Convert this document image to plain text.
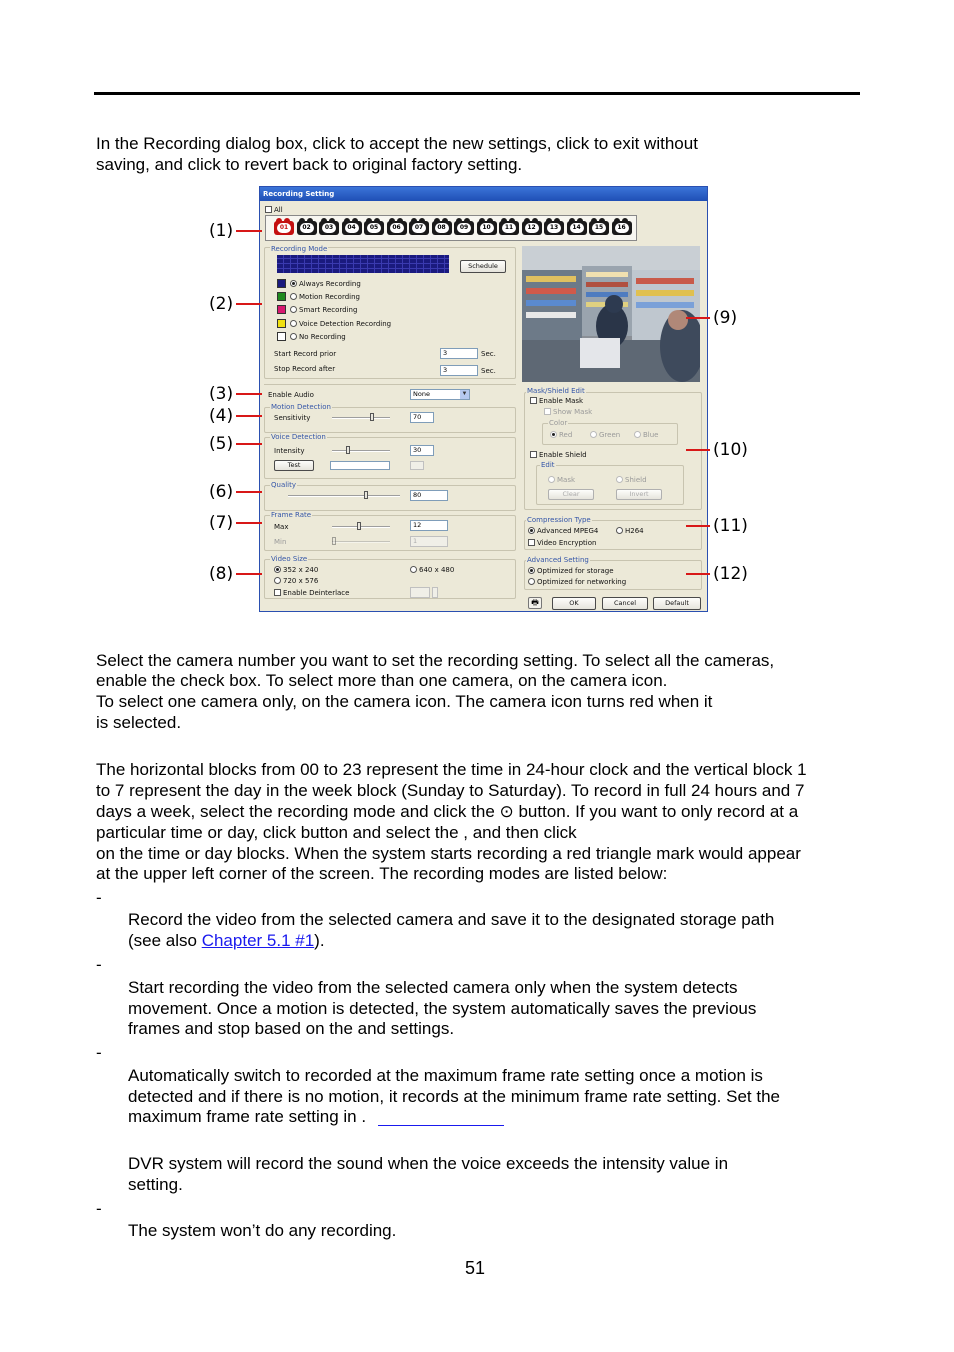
In the Recording dialog box, click to accept the new settings, click to exit without
saving, and click to revert back to original factory setting.
Recording Setting
All
01	02	03	04	05	06	07	08	09	10	11	12	13	14	15	16
Recording Mode
Schedule
Always Recording
Motion Recording
Smart Recording
Voice Detection Recording
No Recording
Start Record prior	3	Sec.
Stop Record after	3	Sec.
Enable Audio	None	▼
Motion Detection
Sensitivity	70
Voice Detection
Intensity	30
Test
Quality
80
Frame Rate
Max	12
Min	1
Video Size
352 x 240
720 x 576
640 x 480
Enable Deinterlace
Mask/Shield Edit
Enable Mask
Show Mask
Color
Red	Green	Blue
Enable Shield
Edit
Mask	Shield
Clear	Invert
Compression Type
Advanced MPEG4	H264
Video Encryption
Advanced Setting
Optimized for storage
Optimized for networking
🖶	OK	Cancel	Default
(1)
(2)
(3)
(4)
(5)
(6)
(7)
(8)
(9)
(10)
(11)
(12)
Select the camera number you want to set the recording setting. To select all the cameras,
enable the check box. To select more than one camera, on the camera icon.
To select one camera only, on the camera icon. The camera icon turns red when it
is selected.
The horizontal blocks from 00 to 23 represent the time in 24-hour clock and the vertical block 1
to 7 represent the day in the week block (Sunday to Saturday). To record in full 24 hours and 7
days a week, select the recording mode and click the ⊙ button. If you want to only record at a
particular time or day, click button and select the , and then click
on the time or day blocks. When the system starts recording a red triangle mark would appear
at the upper left corner of the screen. The recording modes are listed below:
-
Record the video from the selected camera and save it to the designated storage path
(see also Chapter 5.1 #1).
-
Start recording the video from the selected camera only when the system detects
movement. Once a motion is detected, the system automatically saves the previous
frames and stop based on the and settings.
-
Automatically switch to recorded at the maximum frame rate setting once a motion is
detected and if there is no motion, it records at the minimum frame rate setting. Set the
maximum frame rate setting in .
DVR system will record the sound when the voice exceeds the intensity value in
setting.
-
The system won’t do any recording.
51
